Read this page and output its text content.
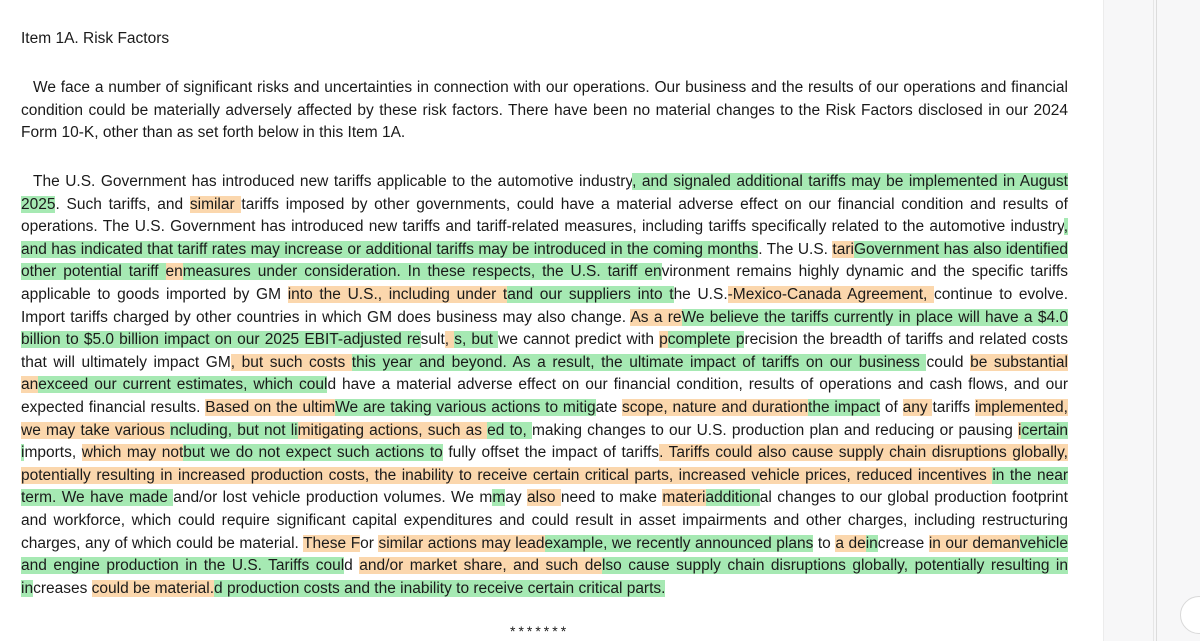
Item 1A. Risk Factors

We face a number of significant risks and uncertainties in connection with our operations. Our business and the results of our operations and financial condition could be materially adversely affected by these risk factors. There have been no material changes to the Risk Factors disclosed in our 2024 Form 10-K, other than as set forth below in this Item 1A.

The U.S. Government has introduced new tariffs applicable to the automotive industry, and signaled additional tariffs may be implemented in August 2025. Such tariffs, and similar tariffs imposed by other governments, could have a material adverse effect on our financial condition and results of operations. The U.S. Government has introduced new tariffs and tariff-related measures, including tariffs specifically related to the automotive industry, and has indicated that tariff rates may increase or additional tariffs may be introduced in the coming months. The U.S. tariGovernment has also identified other potential tariff enmeasures under consideration. In these respects, the U.S. tariff environment remains highly dynamic and the specific tariffs applicable to goods imported by GM into the U.S., including under tand our suppliers into the U.S.-Mexico-Canada Agreement, continue to evolve. Import tariffs charged by other countries in which GM does business may also change. As a reWe believe the tariffs currently in place will have a $4.0 billion to $5.0 billion impact on our 2025 EBIT-adjusted result, s, but we cannot predict with pcomplete precision the breadth of tariffs and related costs that will ultimately impact GM, but such costs this year and beyond. As a result, the ultimate impact of tariffs on our business could be substantial anexceed our current estimates, which could have a material adverse effect on our financial condition, results of operations and cash flows, and our expected financial results. Based on the ultimWe are taking various actions to mitigate scope, nature and durationthe impact of any tariffs implemented, we may take various ncluding, but not limitigating actions, such as ed to, making changes to our U.S. production plan and reducing or pausing icertain imports, which may notbut we do not expect such actions to fully offset the impact of tariffs. Tariffs could also cause supply chain disruptions globally, potentially resulting in increased production costs, the inability to receive certain critical parts, increased vehicle prices, reduced incentives in the near term. We have made and/or lost vehicle production volumes. We mmay also need to make materiadditional changes to our global production footprint and workforce, which could require significant capital expenditures and could result in asset impairments and other charges, including restructuring charges, any of which could be material. These For similar actions may leadexample, we recently announced plans to a deincrease in our demanvehicle and engine production in the U.S. Tariffs could and/or market share, and such delso cause supply chain disruptions globally, potentially resulting in increases could be material.d production costs and the inability to receive certain critical parts.

*******
